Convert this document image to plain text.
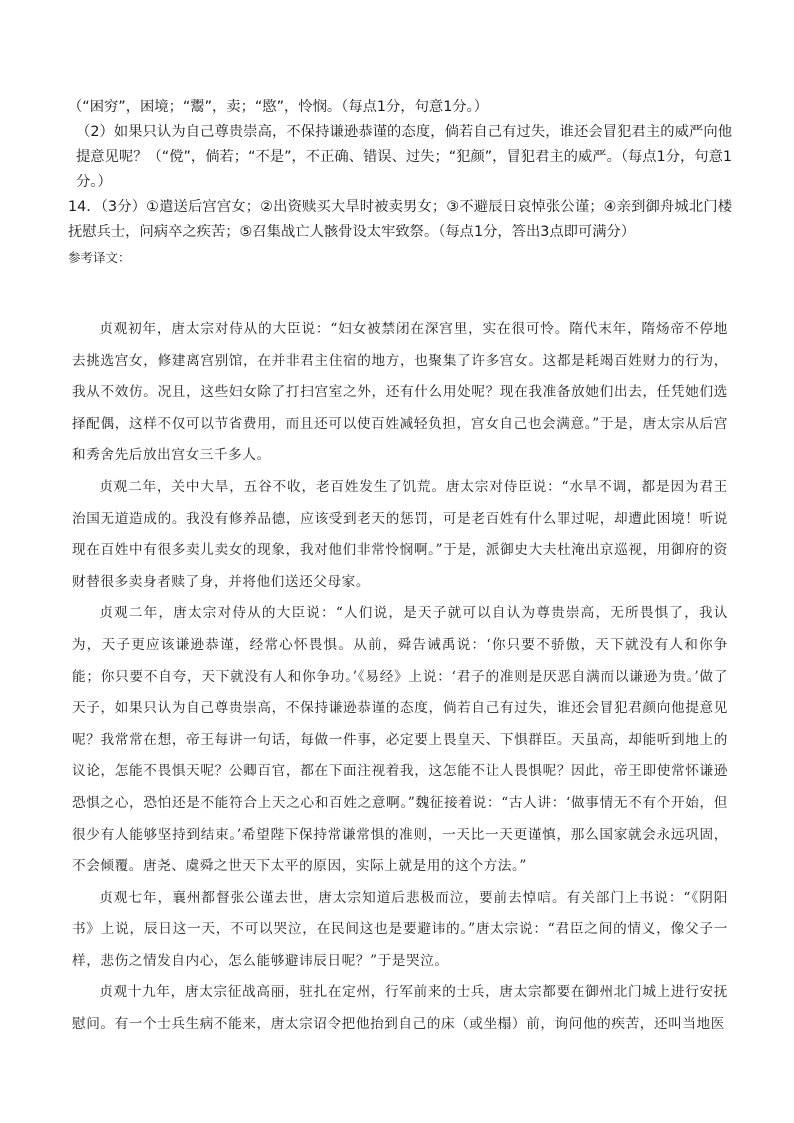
（“困穷”，困境；“鬻”，卖；“愍”，怜悯。（每点1分，句意1分。）

（2）如果只认为自己尊贵崇高，不保持谦逊恭谨的态度，倘若自己有过失，谁还会冒犯君主的威严向他提意见呢？（“傥”，倘若；“不是”，不正确、错误、过失；“犯颜”，冒犯君主的威严。（每点1分，句意1分。）

14．（3分）①遣送后宫宫女；②出资赎买大旱时被卖男女；③不避辰日哀悼张公谨；④亲到御舟城北门楼抚慰兵士，问病卒之疾苦；⑤召集战亡人骸骨设太牢致祭。（每点1分，答出3点即可满分）

参考译文：

贞观初年，唐太宗对侍从的大臣说：“妇女被禁闭在深宫里，实在很可怜。隋代末年，隋炀帝不停地去挑选宫女，修建离宫别馆，在并非君主住宿的地方，也聚集了许多宫女。这都是耗竭百姓财力的行为，我从不效仿。况且，这些妇女除了打扫宫室之外，还有什么用处呢？现在我准备放她们出去，任凭她们选择配偶，这样不仅可以节省费用，而且还可以使百姓减轻负担，宫女自己也会满意。”于是，唐太宗从后宫和秀舍先后放出宫女三千多人。

贞观二年，关中大旱，五谷不收，老百姓发生了饥荒。唐太宗对侍臣说：“水旱不调，都是因为君王治国无道造成的。我没有修养品德，应该受到老天的惩罚，可是老百姓有什么罪过呢，却遭此困境！听说现在百姓中有很多卖儿卖女的现象，我对他们非常怜悯啊。”于是，派御史大夫杜淹出京巡视，用御府的资财替很多卖身者赎了身，并将他们送还父母家。

贞观二年，唐太宗对侍从的大臣说：“人们说，是天子就可以自认为尊贵崇高，无所畏惧了，我认为，天子更应该谦逊恭谨，经常心怀畏惧。从前，舜告诫禹说：‘你只要不骄傲，天下就没有人和你争能；你只要不自夸，天下就没有人和你争功。’《易经》上说：‘君子的准则是厌恶自满而以谦逊为贵。’做了天子，如果只认为自己尊贵崇高，不保持谦逊恭谨的态度，倘若自己有过失，谁还会冒犯君颜向他提意见呢？我常常在想，帝王每讲一句话，每做一件事，必定要上畏皇天、下惧群臣。天虽高，却能听到地上的议论，怎能不畏惧天呢？公卿百官，都在下面注视着我，这怎能不让人畏惧呢？因此，帝王即使常怀谦逊恐惧之心，恐怕还是不能符合上天之心和百姓之意啊。”魏征接着说：“古人讲：‘做事情无不有个开始，但很少有人能够坚持到结束。’希望陛下保持常谦常惧的准则，一天比一天更谨慎，那么国家就会永远巩固，不会倾覆。唐尧、虞舜之世天下太平的原因，实际上就是用的这个方法。”

贞观七年，襄州都督张公谨去世，唐太宗知道后悲极而泣，要前去悼唁。有关部门上书说：“《阴阳书》上说，辰日这一天，不可以哭泣，在民间这也是要避讳的。”唐太宗说：“君臣之间的情义，像父子一样，悲伤之情发自内心，怎么能够避讳辰日呢？”于是哭泣。

贞观十九年，唐太宗征战高丽，驻扎在定州，行军前来的士兵，唐太宗都要在御州北门城上进行安抚慰问。有一个士兵生病不能来，唐太宗诏令把他抬到自己的床（或坐榻）前，询问他的疾苦，还叫当地医
